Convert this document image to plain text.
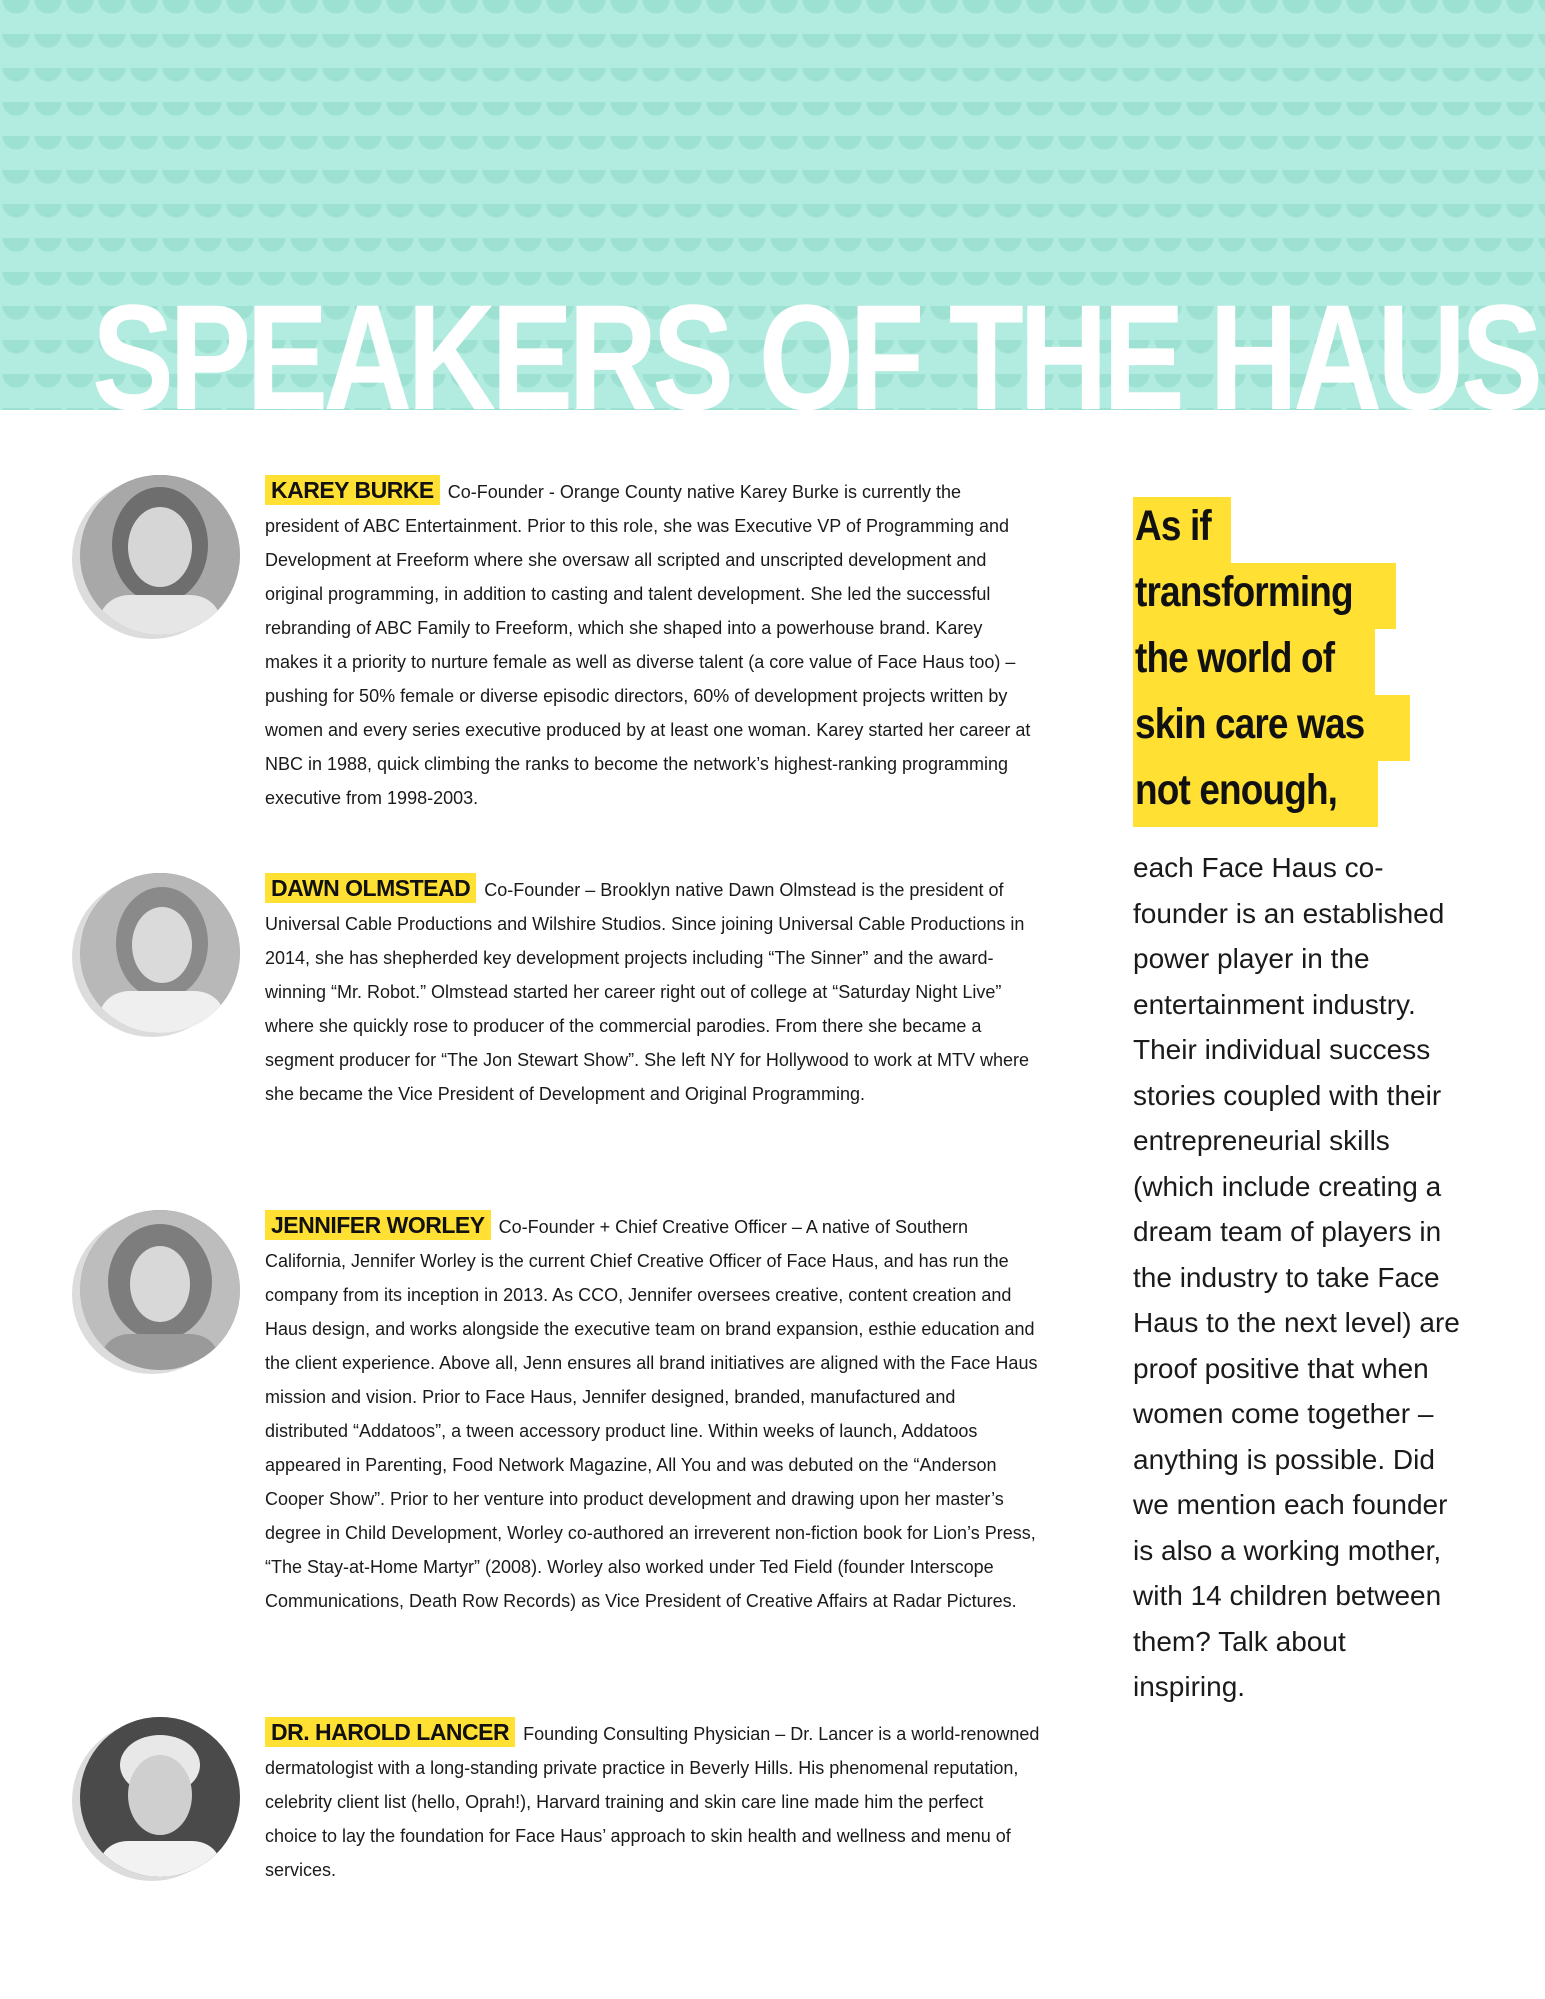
SPEAKERS OF THE HAUS
KAREY BURKE Co-Founder - Orange County native Karey Burke is currently the president of ABC Entertainment. Prior to this role, she was Executive VP of Programming and Development at Freeform where she oversaw all scripted and unscripted development and original programming, in addition to casting and talent development. She led the successful rebranding of ABC Family to Freeform, which she shaped into a powerhouse brand. Karey makes it a priority to nurture female as well as diverse talent (a core value of Face Haus too) – pushing for 50% female or diverse episodic directors, 60% of development projects written by women and every series executive produced by at least one woman. Karey started her career at NBC in 1988, quick climbing the ranks to become the network’s highest-ranking programming executive from 1998-2003.
DAWN OLMSTEAD Co-Founder – Brooklyn native Dawn Olmstead is the president of Universal Cable Productions and Wilshire Studios. Since joining Universal Cable Productions in 2014, she has shepherded key development projects including “The Sinner” and the award-winning “Mr. Robot.” Olmstead started her career right out of college at “Saturday Night Live” where she quickly rose to producer of the commercial parodies. From there she became a segment producer for “The Jon Stewart Show”. She left NY for Hollywood to work at MTV where she became the Vice President of Development and Original Programming.
JENNIFER WORLEY Co-Founder + Chief Creative Officer – A native of Southern California, Jennifer Worley is the current Chief Creative Officer of Face Haus, and has run the company from its inception in 2013. As CCO, Jennifer oversees creative, content creation and Haus design, and works alongside the executive team on brand expansion, esthie education and the client experience. Above all, Jenn ensures all brand initiatives are aligned with the Face Haus mission and vision. Prior to Face Haus, Jennifer designed, branded, manufactured and distributed “Addatoos”, a tween accessory product line. Within weeks of launch, Addatoos appeared in Parenting, Food Network Magazine, All You and was debuted on the “Anderson Cooper Show”. Prior to her venture into product development and drawing upon her master’s degree in Child Development, Worley co-authored an irreverent non-fiction book for Lion’s Press, “The Stay-at-Home Martyr” (2008). Worley also worked under Ted Field (founder Interscope Communications, Death Row Records) as Vice President of Creative Affairs at Radar Pictures.
DR. HAROLD LANCER Founding Consulting Physician – Dr. Lancer is a world-renowned dermatologist with a long-standing private practice in Beverly Hills. His phenomenal reputation, celebrity client list (hello, Oprah!), Harvard training and skin care line made him the perfect choice to lay the foundation for Face Haus’ approach to skin health and wellness and menu of services.
As if
transforming
the world of
skin care was
not enough,
each Face Haus co-founder is an established power player in the entertainment industry. Their individual success stories coupled with their entrepreneurial skills (which include creating a dream team of players in the industry to take Face Haus to the next level) are proof positive that when women come together – anything is possible. Did we mention each founder is also a working mother, with 14 children between them? Talk about inspiring.
